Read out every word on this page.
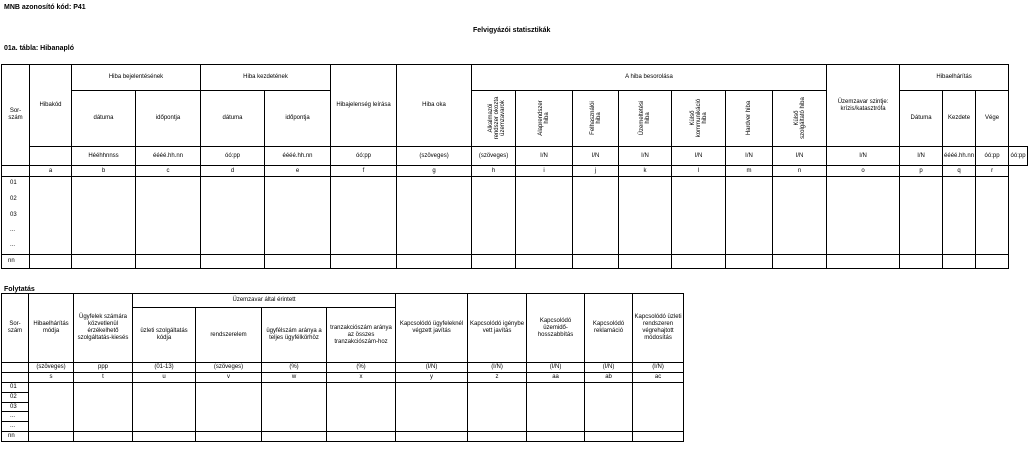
MNB azonosító kód: P41
Felvigyázói statisztikák
01a. tábla: Hibanapló
Sor-
szám	Hibakód	Hiba bejelentésének		Hiba kezdetének		Hibajelenség leírása	Hiba oka	A hiba besorolása							Üzemzavar szintje: krízis/katasztrófa	Hibaelhárítás			
		dátuma	időpontja	dátuma	időpontja			Alkalmazói rendszer okozta üzemzavarok	Alaprendszer hiba	Felhasználói hiba	Üzemeltetési hiba	Külső kommunikáció hiba	Hardver hiba	Külső szolgáltató hiba		Dátuma	Kezdete	Vége	
		Hééhhnnss	éééé.hh.nn	óó:pp	éééé.hh.nn	óó:pp	(szöveges)	(szöveges)	I/N	I/N	I/N	I/N	I/N	I/N	I/N	I/N	éééé.hh.nn	óó:pp	óó:pp
	a	b	c	d	e	f	g	h	i	j	k	l	m	n	o	p	q	r	

01
02
03
...
...																			

nn																			
Folytatás
Sor-
szám	Hibaelhárítás módja	Ügyfelek számára közvetlenül érzékelhető szolgáltatás-kiesés	Üzemzavar által érintett				Kapcsolódó ügyfeleknél végzett javítás	Kapcsolódó igénybe vett javítás	Kapcsolódó üzemidő-hosszabbítás	Kapcsolódó reklamáció	Kapcsolódó üzleti rendszeren végrehajtott módosítás
			üzleti szolgáltatás kódja	rendszerelem	ügyfélszám aránya a teljes ügyfélkörhöz	tranzakciószám aránya az összes tranzakciószám-hoz					
	(szöveges)	ppp	(01-13)	(szöveges)	(%)	(%)	(I/N)	(I/N)	(I/N)	(I/N)	(I/N)
	s	t	u	v	w	x	y	z	aa	ab	ac

01
02
03
...
...											

nn											
